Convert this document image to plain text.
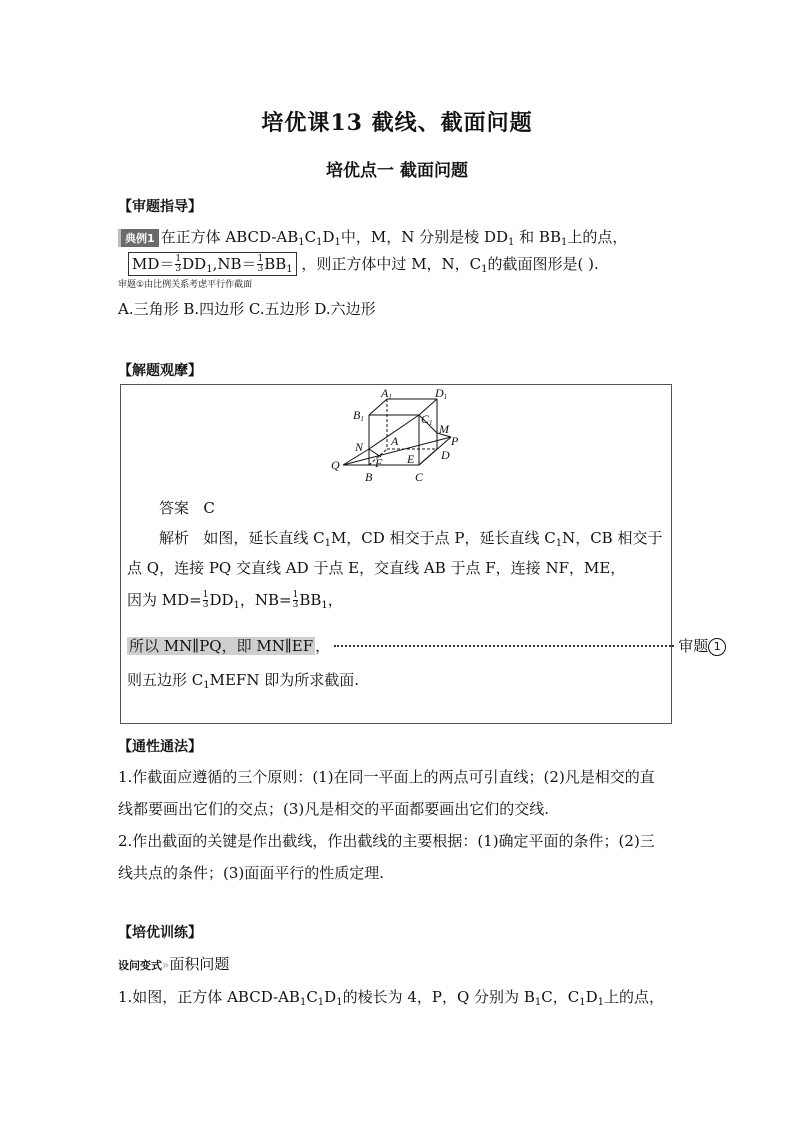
培优课13 截线、截面问题
培优点一 截面问题
【审题指导】
典例1 在正方体 ABCD-$AB_1C_1D_1$中，M，N 分别是棱 $DD_1$ 和 $BB_1$上的点，
$MD= \frac{1}{3} DD_1,NB= \frac{1}{3} BB_1$ ，则正方体中过 M，N，$C_1$的截面图形是( ).
审题①由比例关系考虑平行作截面
A.三角形 B.四边形 C.五边形 D.六边形
【解题观摩】
A1	D1
B1	C1
N A
M
P
Q	F E D
B	C
答案 C
解析 如图，延长直线 $C_1M$，CD 相交于点 P，延长直线 $C_1N$，CB 相交于
点 Q，连接 PQ 交直线 AD 于点 E，交直线 AB 于点 F，连接 NF，ME，
因为 $MD= \frac{1}{3} DD_1$，$NB= \frac{1}{3} BB_1$，
所以 MN∥PQ，即 MN∥EF ，	审题 1
则五边形 $C_1MEFN$ 即为所求截面.
【通性通法】
1.作截面应遵循的三个原则：(1)在同一平面上的两点可引直线；(2)凡是相交的直
线都要画出它们的交点；(3)凡是相交的平面都要画出它们的交线.
2.作出截面的关键是作出截线，作出截线的主要根据：(1)确定平面的条件；(2)三
线共点的条件；(3)面面平行的性质定理.
【培优训练】
设问变式»面积问题
1.如图，正方体 ABCD-$AB_1C_1D_1$的棱长为 4，P，Q 分别为 $B_1C$，$C_1D_1$上的点，
